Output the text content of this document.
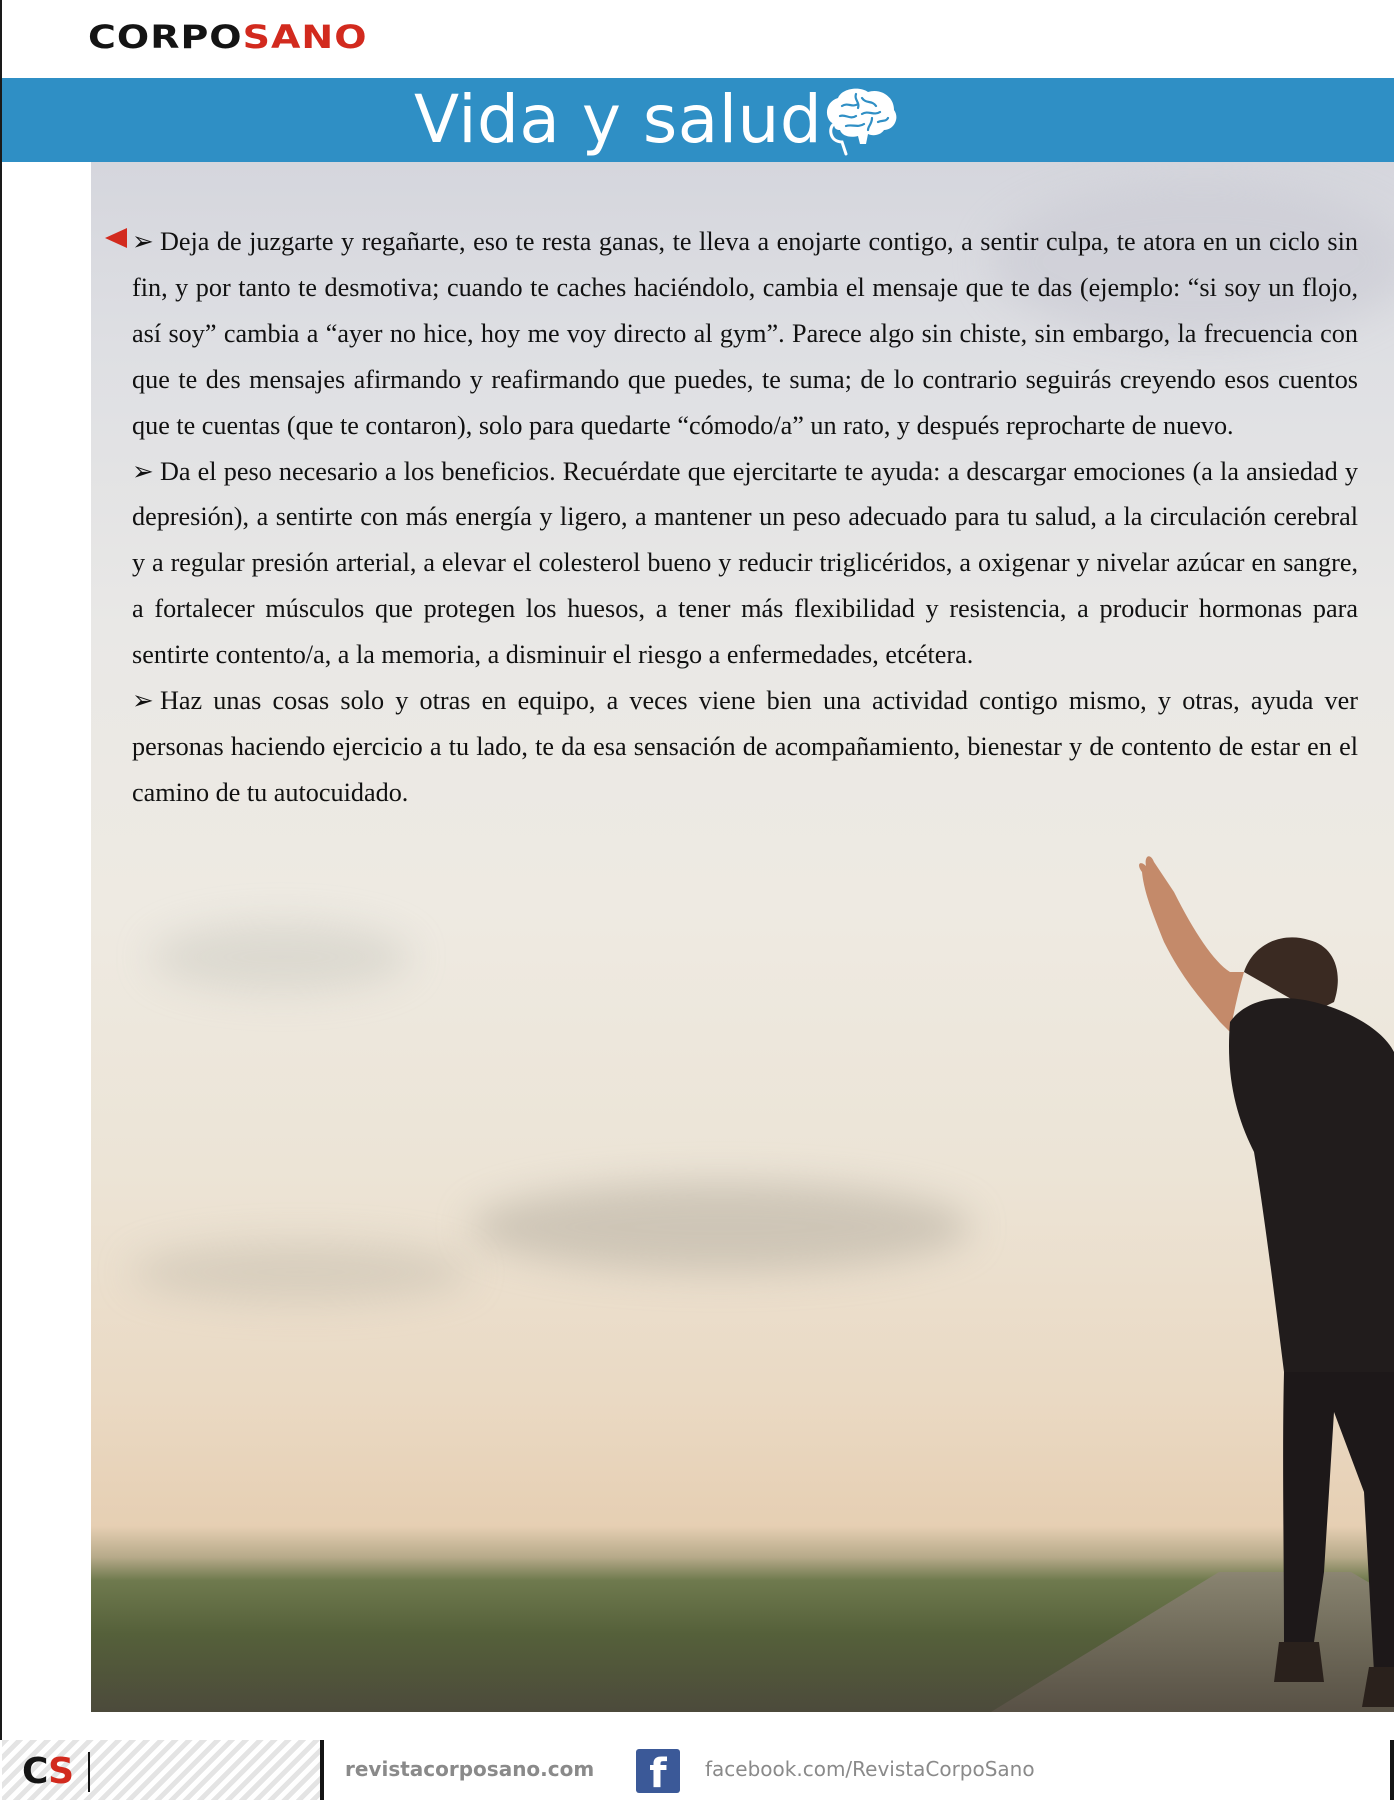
CORPOSANO
Vida y salud

➢ Deja de juzgarte y regañarte, eso te resta ganas, te lleva a enojarte contigo, a sentir culpa, te atora en un ciclo sin fin, y por tanto te desmotiva; cuando te caches haciéndolo, cambia el mensaje que te das (ejemplo: “si soy un flojo, así soy” cambia a “ayer no hice, hoy me voy directo al gym”. Parece algo sin chiste, sin embargo, la frecuencia con que te des mensajes afirmando y reafirmando que puedes, te suma; de lo contrario seguirás creyendo esos cuentos que te cuentas (que te contaron), solo para quedarte “cómodo/a” un rato, y después reprocharte de nuevo.

➢ Da el peso necesario a los beneficios. Recuérdate que ejercitarte te ayuda: a descargar emociones (a la ansiedad y depresión), a sentirte con más energía y ligero, a mantener un peso adecuado para tu salud, a la circulación cerebral y a regular presión arterial, a elevar el colesterol bueno y reducir triglicéridos, a oxigenar y nivelar azúcar en sangre, a fortalecer músculos que protegen los huesos, a tener más flexibilidad y resistencia, a producir hormonas para sentirte contento/a, a la memoria, a disminuir el riesgo a enfermedades, etcétera.

➢ Haz unas cosas solo y otras en equipo, a veces viene bien una actividad contigo mismo, y otras, ayuda ver personas haciendo ejercicio a tu lado, te da esa sensación de acompañamiento, bienestar y de contento de estar en el camino de tu autocuidado.

CS	revistacorposano.com	f	facebook.com/RevistaCorpoSano
